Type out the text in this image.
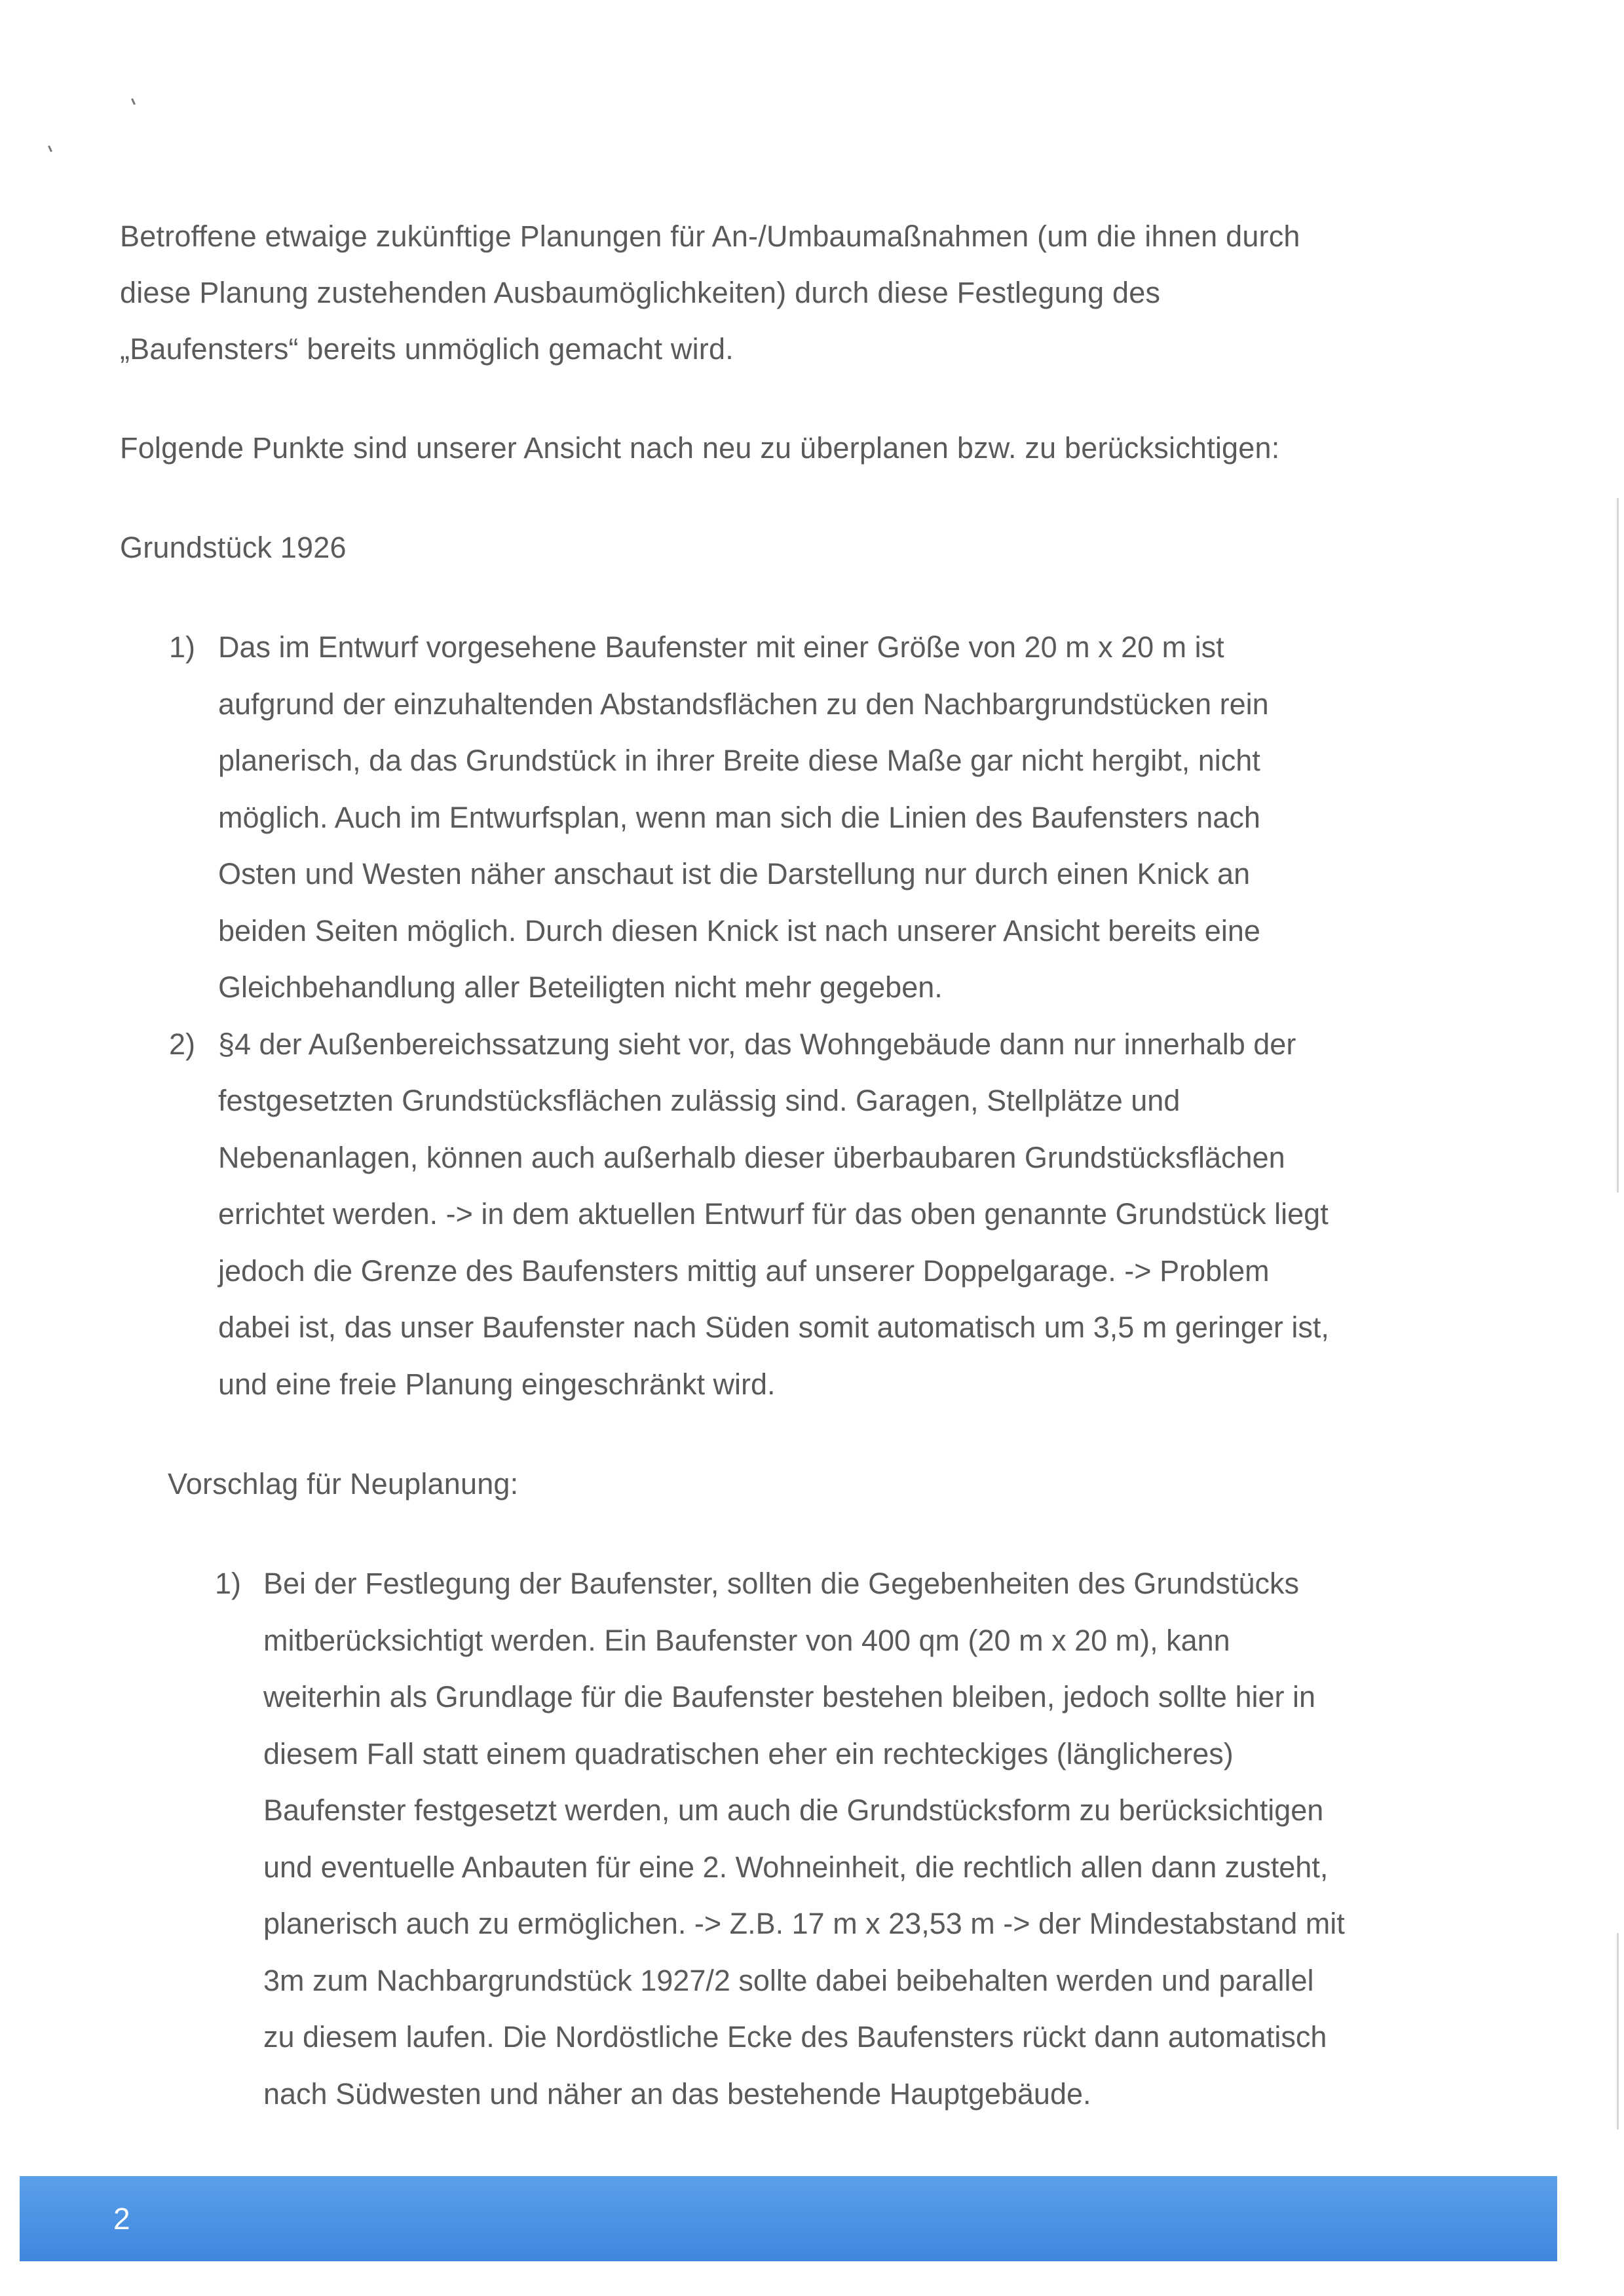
Betroffene etwaige zukünftige Planungen für An-/Umbaumaßnahmen (um die ihnen durch
diese Planung zustehenden Ausbaumöglichkeiten) durch diese Festlegung des
„Baufensters“ bereits unmöglich gemacht wird.

Folgende Punkte sind unserer Ansicht nach neu zu überplanen bzw. zu berücksichtigen:

Grundstück 1926

1) Das im Entwurf vorgesehene Baufenster mit einer Größe von 20 m x 20 m ist
aufgrund der einzuhaltenden Abstandsflächen zu den Nachbargrundstücken rein
planerisch, da das Grundstück in ihrer Breite diese Maße gar nicht hergibt, nicht
möglich. Auch im Entwurfsplan, wenn man sich die Linien des Baufensters nach
Osten und Westen näher anschaut ist die Darstellung nur durch einen Knick an
beiden Seiten möglich. Durch diesen Knick ist nach unserer Ansicht bereits eine
Gleichbehandlung aller Beteiligten nicht mehr gegeben.
2) §4 der Außenbereichssatzung sieht vor, das Wohngebäude dann nur innerhalb der
festgesetzten Grundstücksflächen zulässig sind. Garagen, Stellplätze und
Nebenanlagen, können auch außerhalb dieser überbaubaren Grundstücksflächen
errichtet werden. -> in dem aktuellen Entwurf für das oben genannte Grundstück liegt
jedoch die Grenze des Baufensters mittig auf unserer Doppelgarage. -> Problem
dabei ist, das unser Baufenster nach Süden somit automatisch um 3,5 m geringer ist,
und eine freie Planung eingeschränkt wird.

Vorschlag für Neuplanung:

1) Bei der Festlegung der Baufenster, sollten die Gegebenheiten des Grundstücks
mitberücksichtigt werden. Ein Baufenster von 400 qm (20 m x 20 m), kann
weiterhin als Grundlage für die Baufenster bestehen bleiben, jedoch sollte hier in
diesem Fall statt einem quadratischen eher ein rechteckiges (länglicheres)
Baufenster festgesetzt werden, um auch die Grundstücksform zu berücksichtigen
und eventuelle Anbauten für eine 2. Wohneinheit, die rechtlich allen dann zusteht,
planerisch auch zu ermöglichen. -> Z.B. 17 m x 23,53 m -> der Mindestabstand mit
3m zum Nachbargrundstück 1927/2 sollte dabei beibehalten werden und parallel
zu diesem laufen. Die Nordöstliche Ecke des Baufensters rückt dann automatisch
nach Südwesten und näher an das bestehende Hauptgebäude.
2
